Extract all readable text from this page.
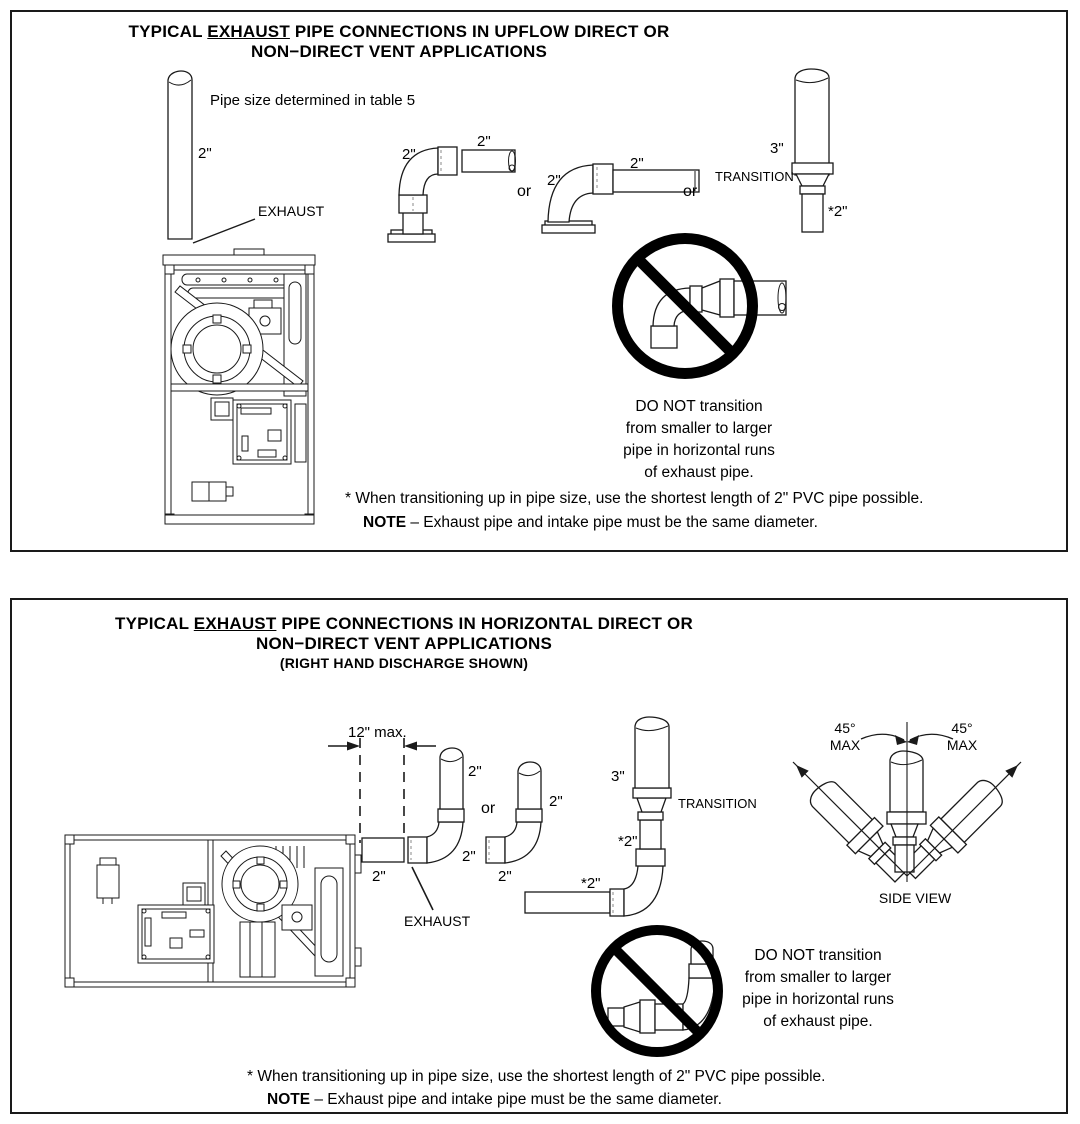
TYPICAL EXHAUST PIPE CONNECTIONS IN UPFLOW DIRECT OR
NON−DIRECT VENT APPLICATIONS
Pipe size determined in table 5
2"
EXHAUST
2"
2"
or
2"
2"
or
3"
TRANSITION
*2"
DO NOT transition
from smaller to larger
pipe in horizontal runs
of exhaust pipe.
* When transitioning up in pipe size, use the shortest length of 2" PVC pipe possible.
NOTE – Exhaust pipe and intake pipe must be the same diameter.
TYPICAL EXHAUST PIPE CONNECTIONS IN HORIZONTAL DIRECT OR
NON−DIRECT VENT APPLICATIONS
(RIGHT HAND DISCHARGE SHOWN)
12" max.
2"
EXHAUST
2"
2"
or	2"
2"
3"
TRANSITION
*2"
*2"
45°
MAX
45°
MAX
SIDE VIEW
DO NOT transition
from smaller to larger
pipe in horizontal runs
of exhaust pipe.
* When transitioning up in pipe size, use the shortest length of 2" PVC pipe possible.
NOTE – Exhaust pipe and intake pipe must be the same diameter.
